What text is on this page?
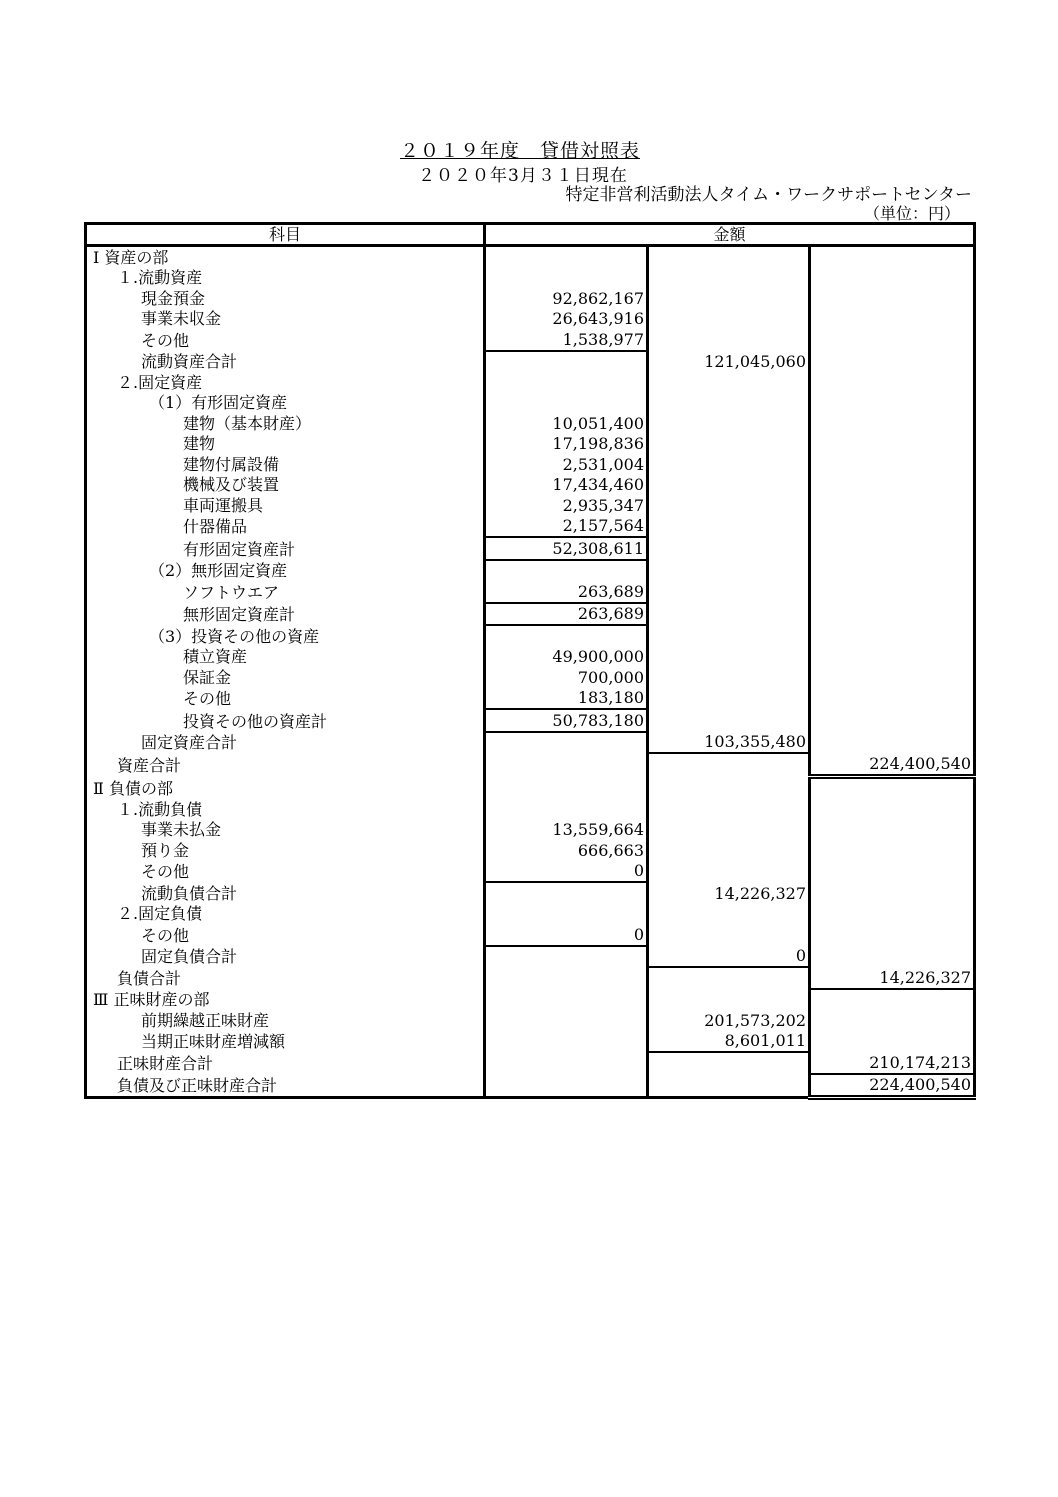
２０１９年度　貸借対照表
２０２０年3月３１日現在
特定非営利活動法人タイム・ワークサポートセンター
（単位：円）
科目	金額		
Ⅰ 資産の部			
１.流動資産			
現金預金	92,862,167		
事業未収金	26,643,916		
その他	1,538,977		
流動資産合計		121,045,060	
２.固定資産			
（1）有形固定資産			
建物（基本財産）	10,051,400		
建物	17,198,836		
建物付属設備	2,531,004		
機械及び装置	17,434,460		
車両運搬具	2,935,347		
什器備品	2,157,564		
有形固定資産計	52,308,611		
（2）無形固定資産			
ソフトウエア	263,689		
無形固定資産計	263,689		
（3）投資その他の資産			
積立資産	49,900,000		
保証金	700,000		
その他	183,180		
投資その他の資産計	50,783,180		
固定資産合計		103,355,480	
資産合計			224,400,540
Ⅱ 負債の部			
１.流動負債			
事業未払金	13,559,664		
預り金	666,663		
その他	0		
流動負債合計		14,226,327	
２.固定負債			
その他	0		
固定負債合計		0	
負債合計			14,226,327
Ⅲ 正味財産の部			
前期繰越正味財産		201,573,202	
当期正味財産増減額		8,601,011	
正味財産合計			210,174,213
負債及び正味財産合計			224,400,540
